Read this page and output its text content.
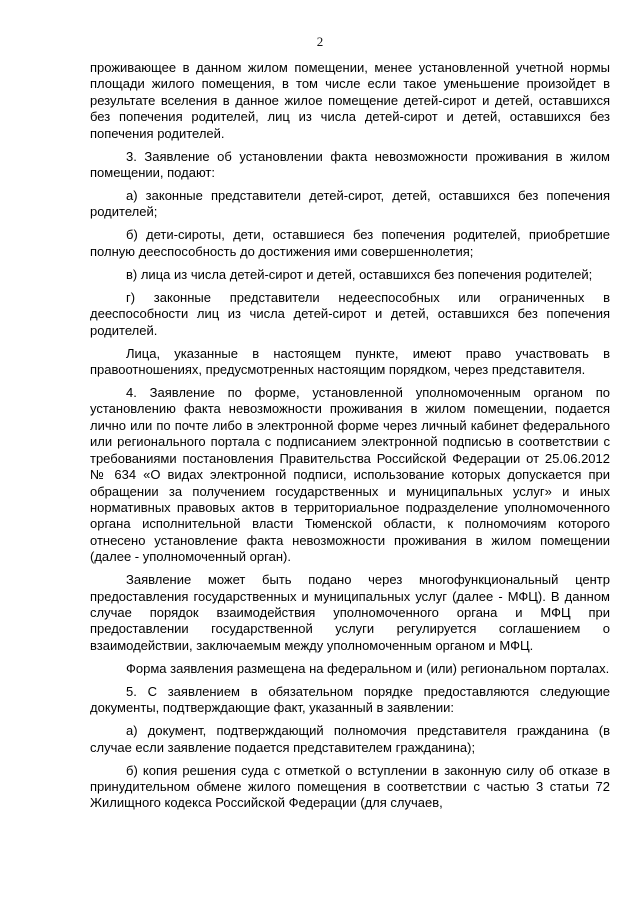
2

проживающее в данном жилом помещении, менее установленной учетной нормы площади жилого помещения, в том числе если такое уменьшение произойдет в результате вселения в данное жилое помещение детей-сирот и детей, оставшихся без попечения родителей, лиц из числа детей-сирот и детей, оставшихся без попечения родителей.

3. Заявление об установлении факта невозможности проживания в жилом помещении, подают:

а) законные представители детей-сирот, детей, оставшихся без попечения родителей;

б) дети-сироты, дети, оставшиеся без попечения родителей, приобретшие полную дееспособность до достижения ими совершеннолетия;

в) лица из числа детей-сирот и детей, оставшихся без попечения родителей;

г) законные представители недееспособных или ограниченных в дееспособности лиц из числа детей-сирот и детей, оставшихся без попечения родителей.

Лица, указанные в настоящем пункте, имеют право участвовать в правоотношениях, предусмотренных настоящим порядком, через представителя.

4. Заявление по форме, установленной уполномоченным органом по установлению факта невозможности проживания в жилом помещении, подается лично или по почте либо в электронной форме через личный кабинет федерального или регионального портала с подписанием электронной подписью в соответствии с требованиями постановления Правительства Российской Федерации от 25.06.2012 № 634 «О видах электронной подписи, использование которых допускается при обращении за получением государственных и муниципальных услуг» и иных нормативных правовых актов в территориальное подразделение уполномоченного органа исполнительной власти Тюменской области, к полномочиям которого отнесено установление факта невозможности проживания в жилом помещении (далее - уполномоченный орган).

Заявление может быть подано через многофункциональный центр предоставления государственных и муниципальных услуг (далее - МФЦ). В данном случае порядок взаимодействия уполномоченного органа и МФЦ при предоставлении государственной услуги регулируется соглашением о взаимодействии, заключаемым между уполномоченным органом и МФЦ.

Форма заявления размещена на федеральном и (или) региональном порталах.

5. С заявлением в обязательном порядке предоставляются следующие документы, подтверждающие факт, указанный в заявлении:

а) документ, подтверждающий полномочия представителя гражданина (в случае если заявление подается представителем гражданина);

б) копия решения суда с отметкой о вступлении в законную силу об отказе в принудительном обмене жилого помещения в соответствии с частью 3 статьи 72 Жилищного кодекса Российской Федерации (для случаев,
